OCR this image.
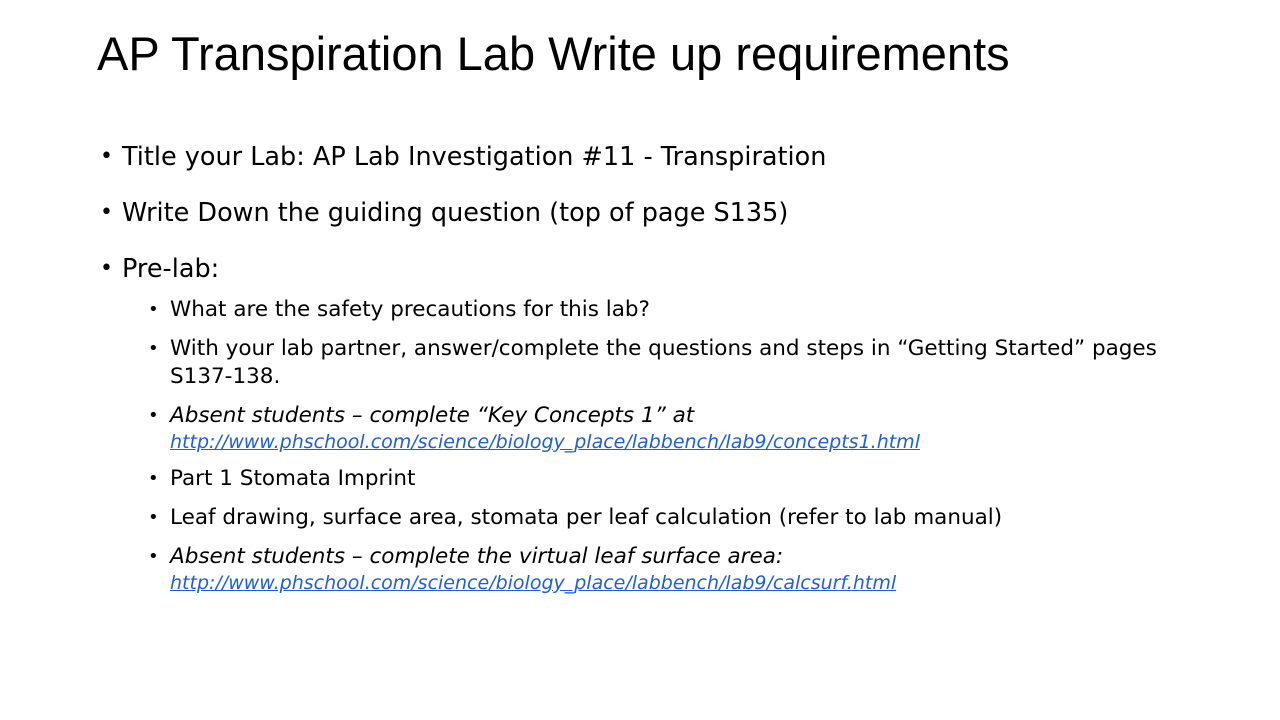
AP Transpiration Lab Write up requirements
• Title your Lab: AP Lab Investigation #11 - Transpiration
• Write Down the guiding question (top of page S135)
• Pre-lab:
• What are the safety precautions for this lab?
• With your lab partner, answer/complete the questions and steps in “Getting Started” pages S137-138.
• Absent students – complete “Key Concepts 1” at
http://www.phschool.com/science/biology_place/labbench/lab9/concepts1.html
• Part 1 Stomata Imprint
• Leaf drawing, surface area, stomata per leaf calculation (refer to lab manual)
• Absent students – complete the virtual leaf surface area:
http://www.phschool.com/science/biology_place/labbench/lab9/calcsurf.html
